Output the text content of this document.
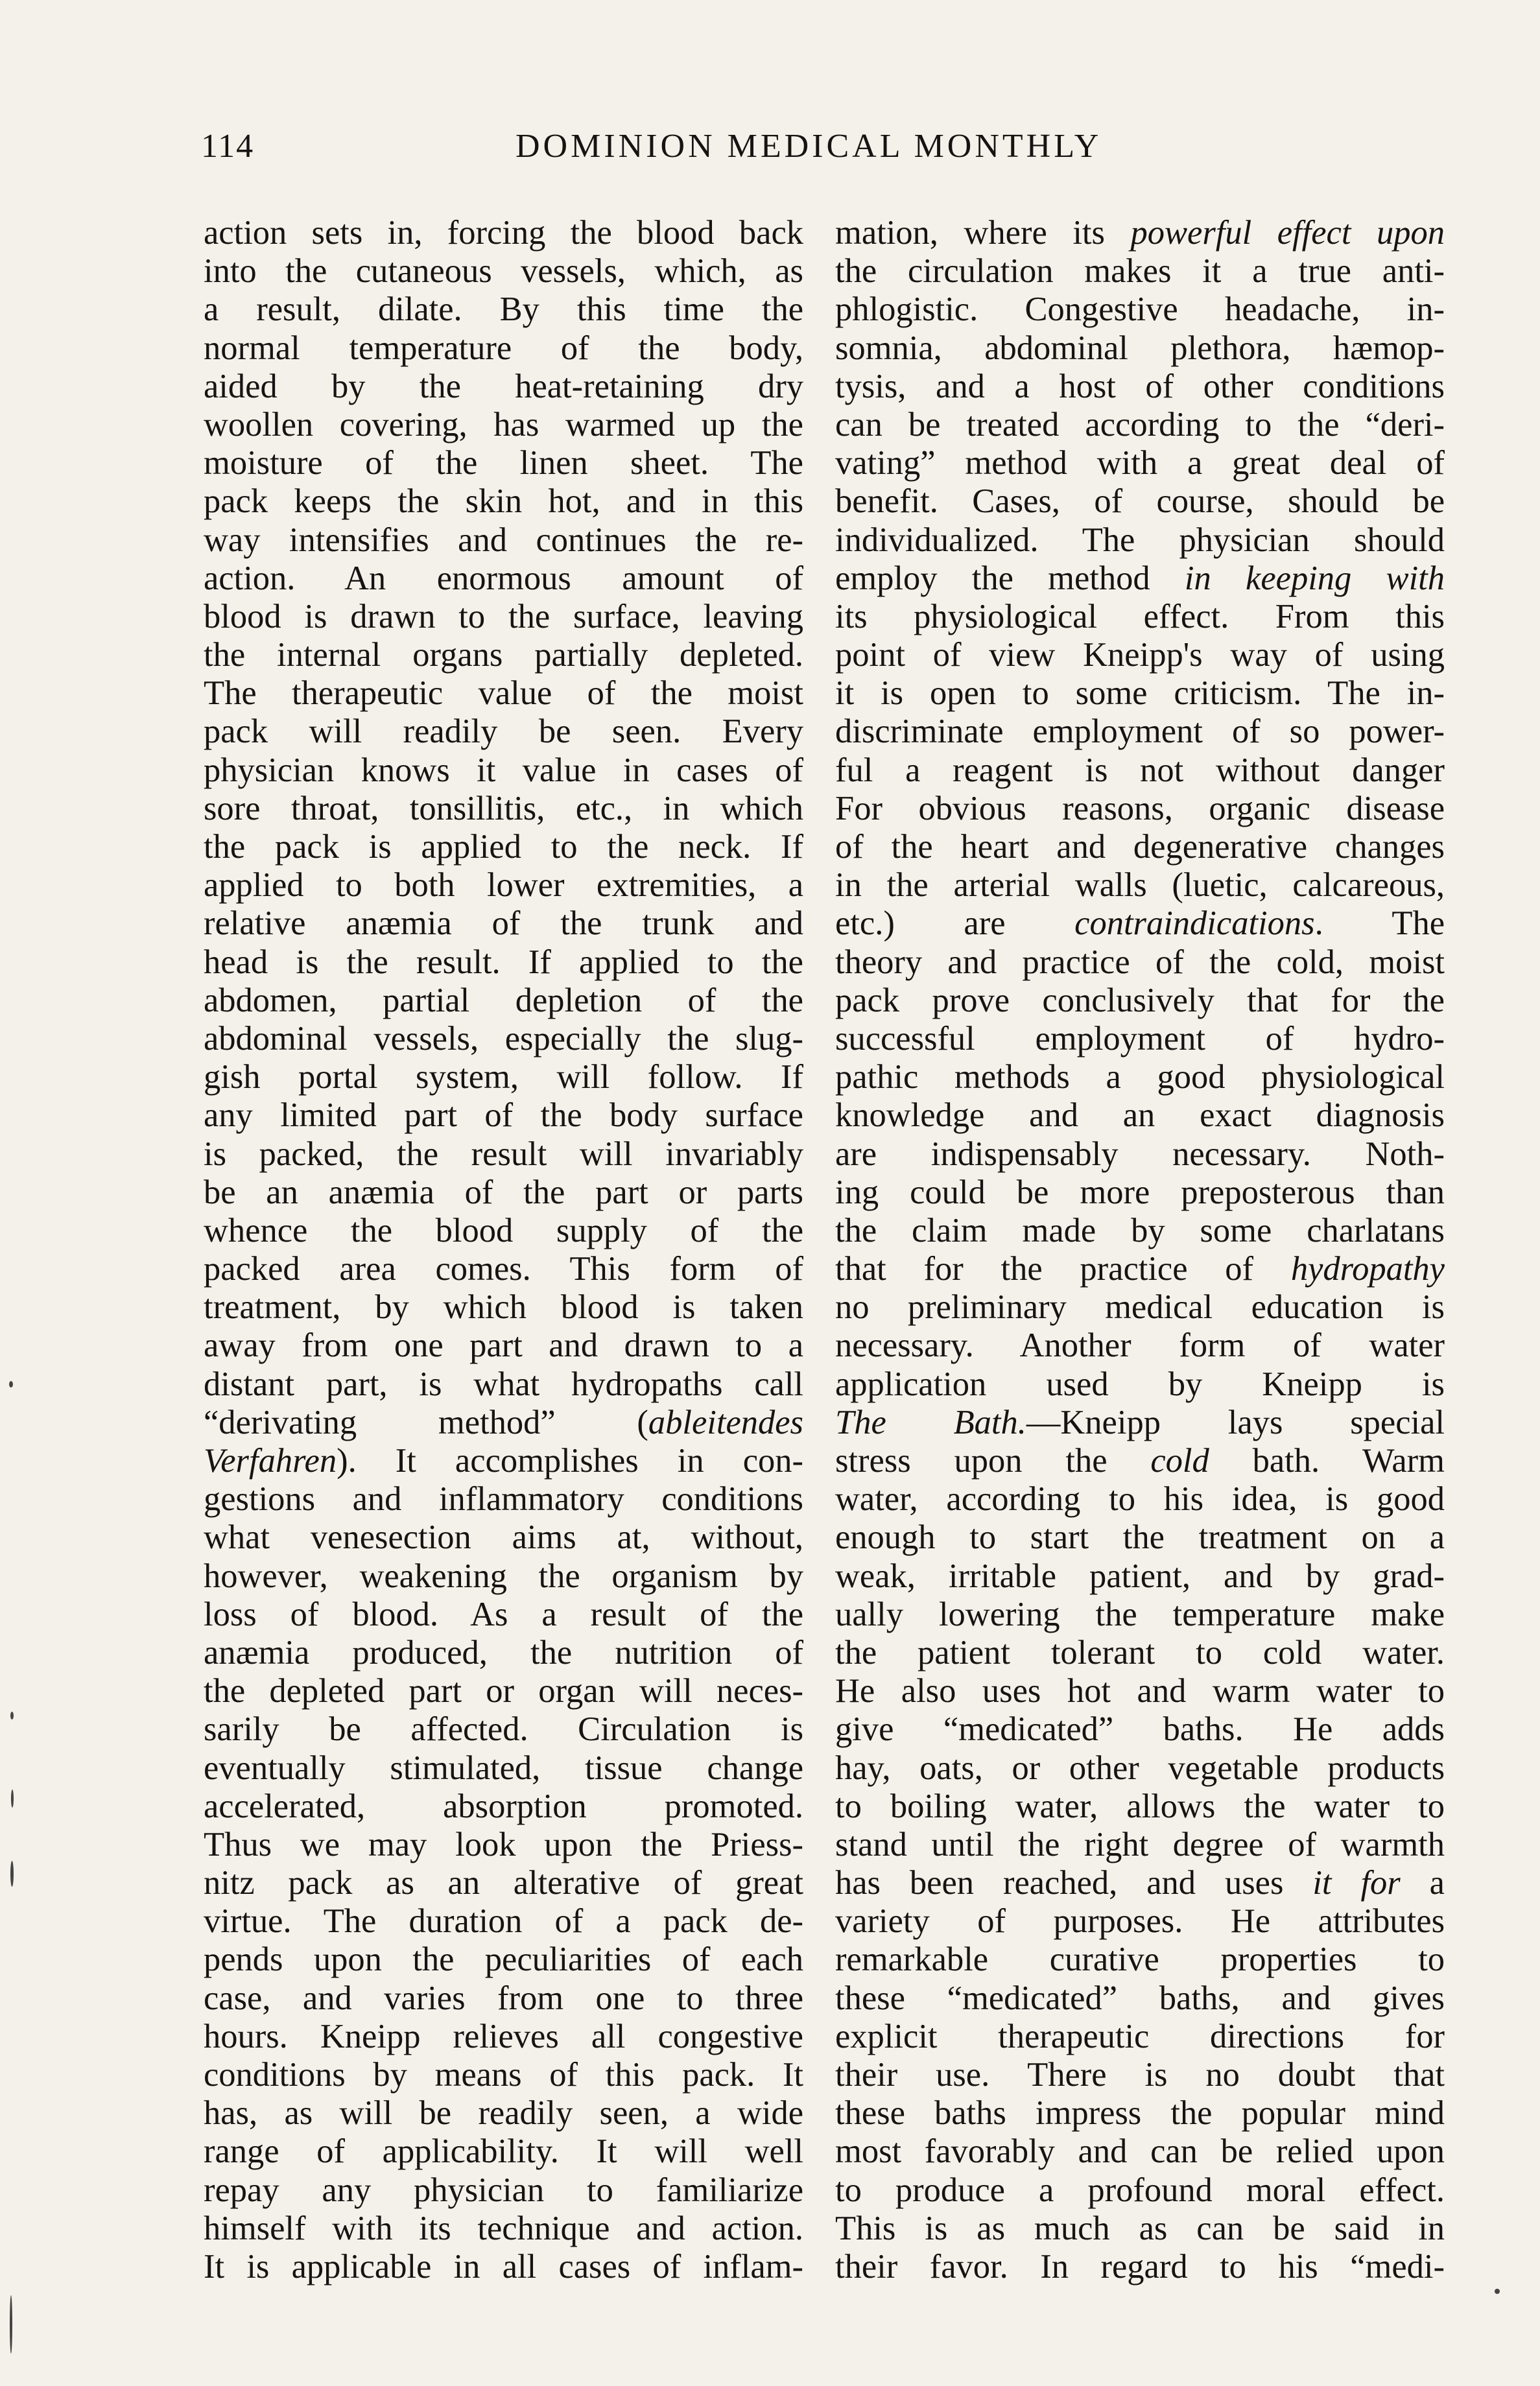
114	DOMINION MEDICAL MONTHLY
action sets in, forcing the blood back
into the cutaneous vessels, which, as
a result, dilate. By this time the
normal temperature of the body,
aided by the heat-retaining dry
woollen covering, has warmed up the
moisture of the linen sheet. The
pack keeps the skin hot, and in this
way intensifies and continues the re-
action. An enormous amount of
blood is drawn to the surface, leaving
the internal organs partially depleted.
The therapeutic value of the moist
pack will readily be seen. Every
physician knows it value in cases of
sore throat, tonsillitis, etc., in which
the pack is applied to the neck. If
applied to both lower extremities, a
relative anæmia of the trunk and
head is the result. If applied to the
abdomen, partial depletion of the
abdominal vessels, especially the slug-
gish portal system, will follow. If
any limited part of the body surface
is packed, the result will invariably
be an anæmia of the part or parts
whence the blood supply of the
packed area comes. This form of
treatment, by which blood is taken
away from one part and drawn to a
distant part, is what hydropaths call
“derivating method” (ableitendes
Verfahren). It accomplishes in con-
gestions and inflammatory conditions
what venesection aims at, without,
however, weakening the organism by
loss of blood. As a result of the
anæmia produced, the nutrition of
the depleted part or organ will neces-
sarily be affected. Circulation is
eventually stimulated, tissue change
accelerated, absorption promoted.
Thus we may look upon the Priess-
nitz pack as an alterative of great
virtue. The duration of a pack de-
pends upon the peculiarities of each
case, and varies from one to three
hours. Kneipp relieves all congestive
conditions by means of this pack. It
has, as will be readily seen, a wide
range of applicability. It will well
repay any physician to familiarize
himself with its technique and action.
It is applicable in all cases of inflam-
mation, where its powerful effect upon
the circulation makes it a true anti-
phlogistic. Congestive headache, in-
somnia, abdominal plethora, hæmop-
tysis, and a host of other conditions
can be treated according to the “deri-
vating” method with a great deal of
benefit. Cases, of course, should be
individualized. The physician should
employ the method in keeping with
its physiological effect. From this
point of view Kneipp's way of using
it is open to some criticism. The in-
discriminate employment of so power-
ful a reagent is not without danger
For obvious reasons, organic disease
of the heart and degenerative changes
in the arterial walls (luetic, calcareous,
etc.) are contraindications. The
theory and practice of the cold, moist
pack prove conclusively that for the
successful employment of hydro-
pathic methods a good physiological
knowledge and an exact diagnosis
are indispensably necessary. Noth-
ing could be more preposterous than
the claim made by some charlatans
that for the practice of hydropathy
no preliminary medical education is
necessary. Another form of water
application used by Kneipp is
The Bath.—Kneipp lays special
stress upon the cold bath. Warm
water, according to his idea, is good
enough to start the treatment on a
weak, irritable patient, and by grad-
ually lowering the temperature make
the patient tolerant to cold water.
He also uses hot and warm water to
give “medicated” baths. He adds
hay, oats, or other vegetable products
to boiling water, allows the water to
stand until the right degree of warmth
has been reached, and uses it for a
variety of purposes. He attributes
remarkable curative properties to
these “medicated” baths, and gives
explicit therapeutic directions for
their use. There is no doubt that
these baths impress the popular mind
most favorably and can be relied upon
to produce a profound moral effect.
This is as much as can be said in
their favor. In regard to his “medi-
